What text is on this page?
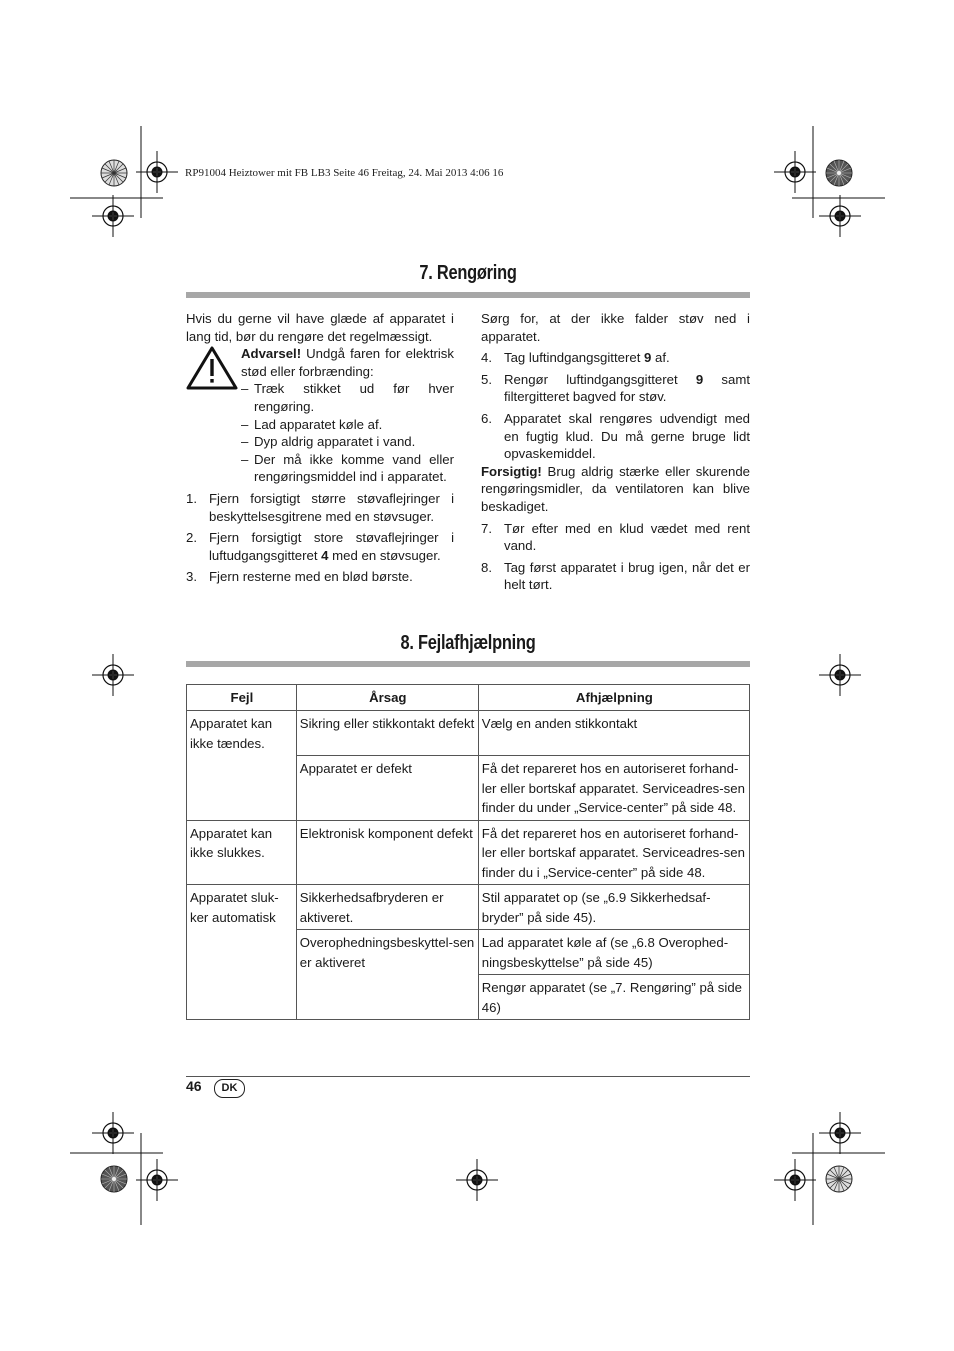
RP91004 Heiztower mit FB LB3 Seite 46 Freitag, 24. Mai 2013 4:06 16
7. Rengøring

Hvis du gerne vil have glæde af apparatet i lang tid, bør du rengøre det regelmæssigt.

Advarsel! Undgå faren for elektrisk stød eller forbrænding:

– Træk stikket ud før hver rengøring.
– Lad apparatet køle af.
– Dyp aldrig apparatet i vand.
– Der må ikke komme vand eller rengøringsmiddel ind i apparatet.
1. Fjern forsigtigt større støvaflejringer i beskyttelsesgitrene med en støvsuger.
2. Fjern forsigtigt store støvaflejringer i luftudgangsgitteret 4 med en støvsuger.
3. Fjern resterne med en blød børste.

Sørg for, at der ikke falder støv ned i apparatet.

4. Tag luftindgangsgitteret 9 af.
5. Rengør luftindgangsgitteret 9 samt filtergitteret bagved for støv.
6. Apparatet skal rengøres udvendigt med en fugtig klud. Du må gerne bruge lidt opvaskemiddel.

Forsigtig! Brug aldrig stærke eller skurende rengøringsmidler, da ventilatoren kan blive beskadiget.

7. Tør efter med en klud vædet med rent vand.
8. Tag først apparatet i brug igen, når det er helt tørt.
8. Fejlafhjælpning
Fejl	Årsag	Afhjælpning
Apparatet kan ikke tændes.	Sikring eller stikkontakt defekt	Vælg en anden stikkontakt
	Apparatet er defekt	Få det repareret hos en autoriseret forhand-ler eller bortskaf apparatet. Serviceadres-sen finder du under „Service-center” på side 48.
Apparatet kan ikke slukkes.	Elektronisk komponent defekt	Få det repareret hos en autoriseret forhand-ler eller bortskaf apparatet. Serviceadres-sen finder du i „Service-center” på side 48.
Apparatet sluk-ker automatisk	Sikkerhedsafbryderen er aktiveret.	Stil apparatet op (se „6.9 Sikkerhedsaf-bryder” på side 45).
	Overophedningsbeskyttel-sen er aktiveret	Lad apparatet køle af (se „6.8 Overophed-ningsbeskyttelse” på side 45)
		Rengør apparatet (se „7. Rengøring” på side 46)
46	DK
